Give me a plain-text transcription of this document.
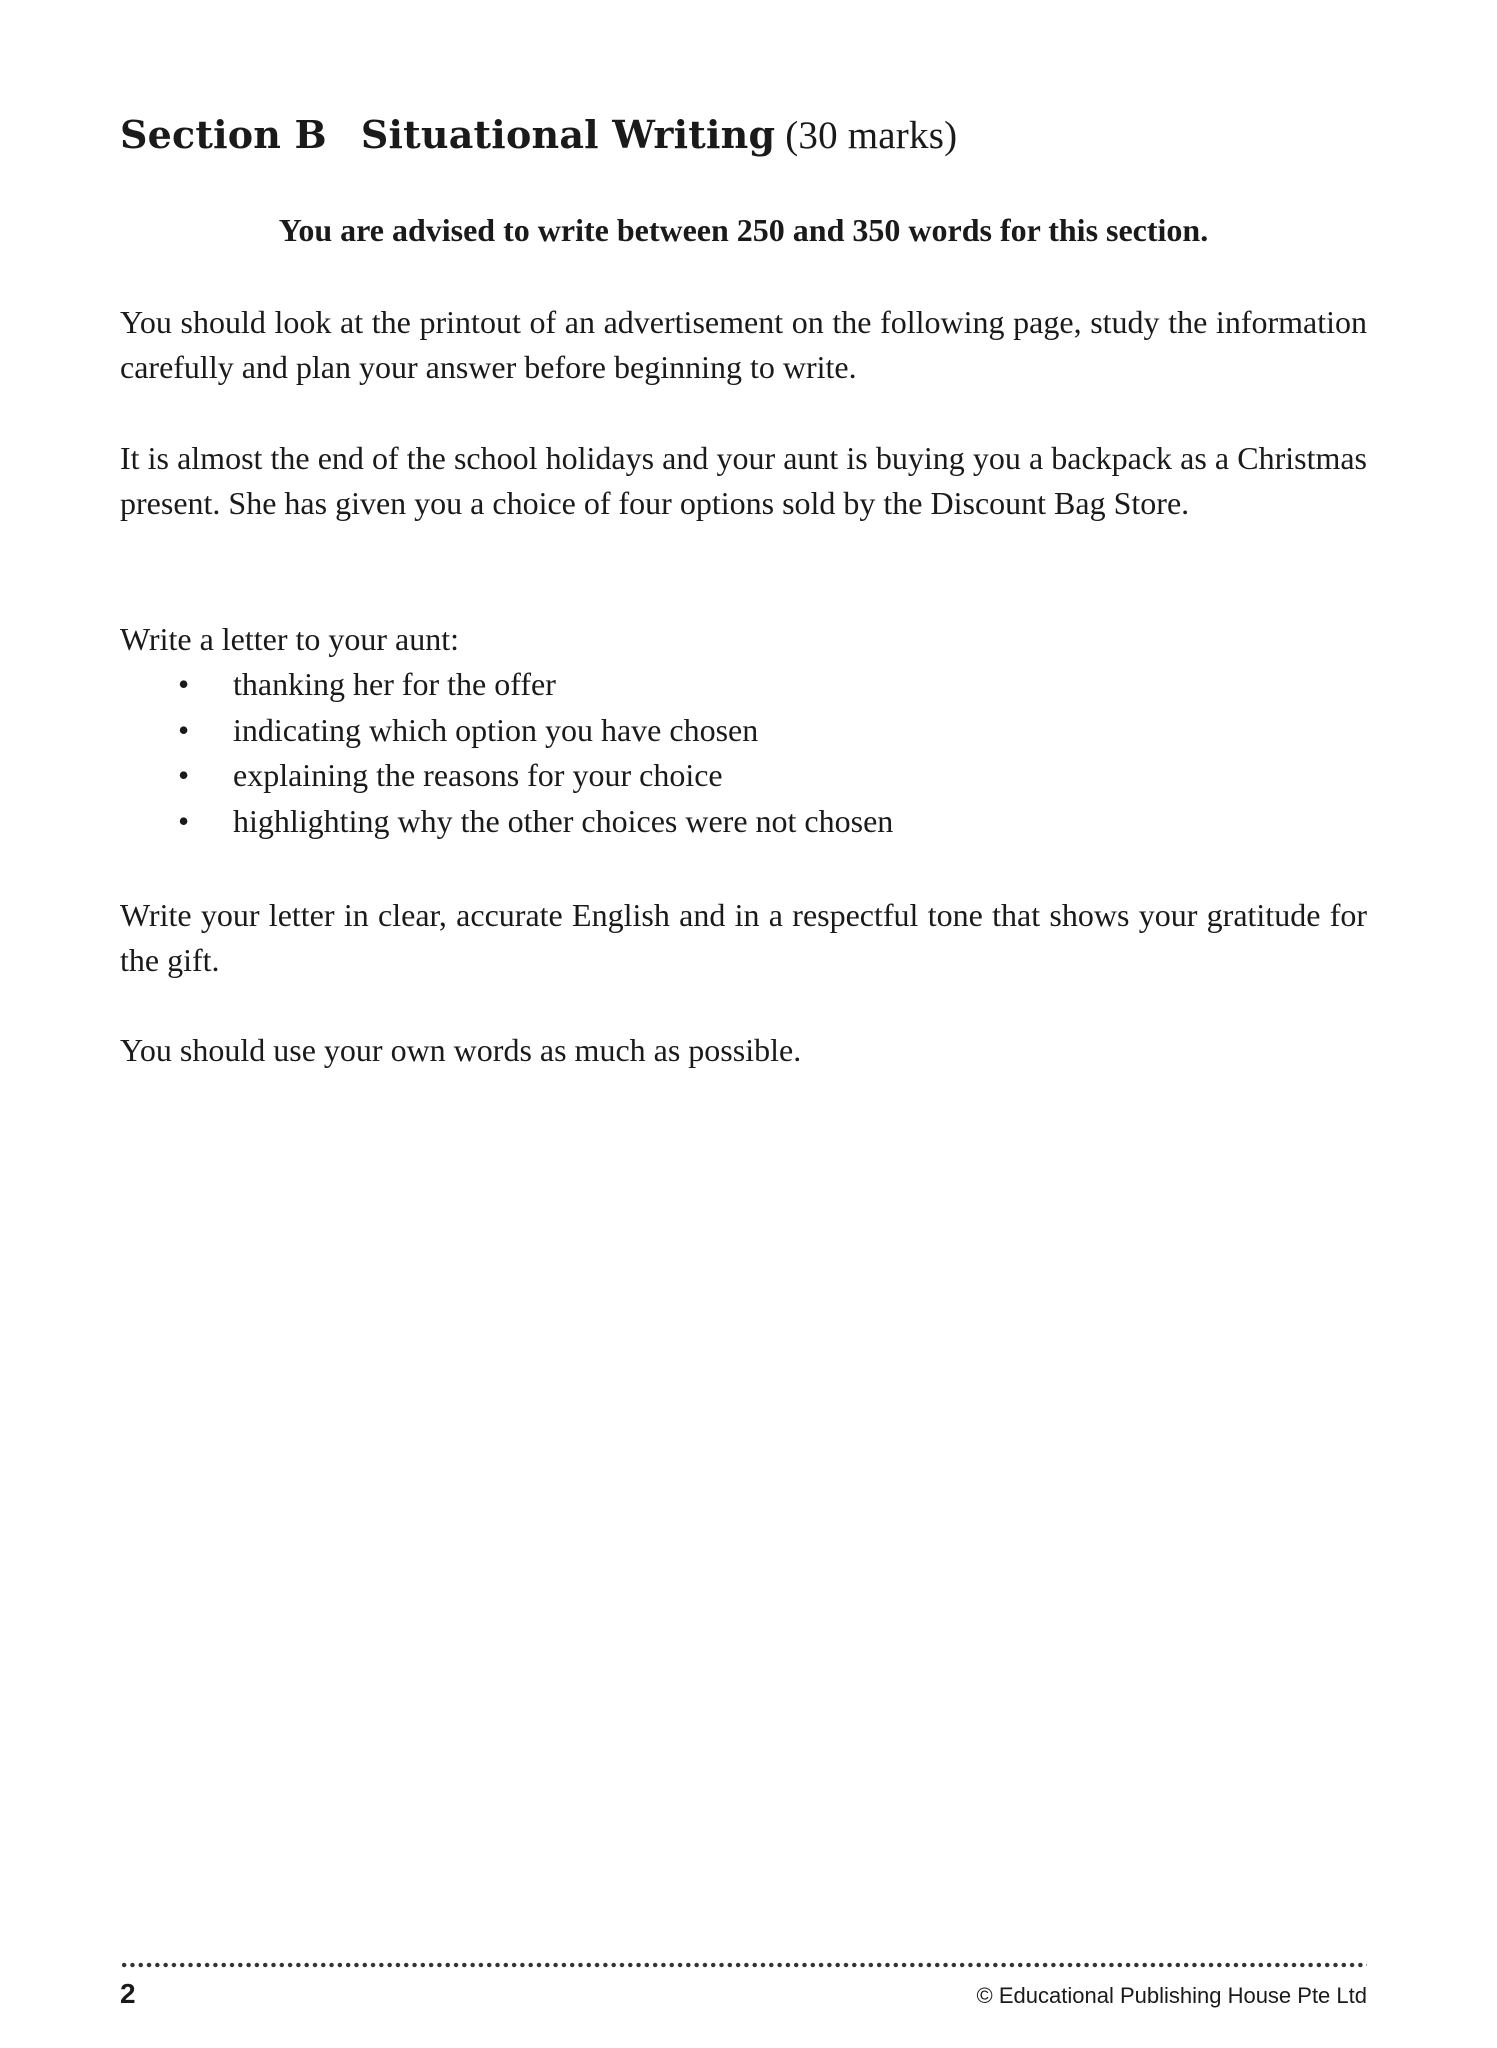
Section B Situational Writing (30 marks)
You are advised to write between 250 and 350 words for this section.

You should look at the printout of an advertisement on the following page, study the information carefully and plan your answer before beginning to write.

It is almost the end of the school holidays and your aunt is buying you a backpack as a Christmas present. She has given you a choice of four options sold by the Discount Bag Store.

Write a letter to your aunt:

• thanking her for the offer
• indicating which option you have chosen
• explaining the reasons for your choice
• highlighting why the other choices were not chosen

Write your letter in clear, accurate English and in a respectful tone that shows your gratitude for the gift.

You should use your own words as much as possible.

2	© Educational Publishing House Pte Ltd
